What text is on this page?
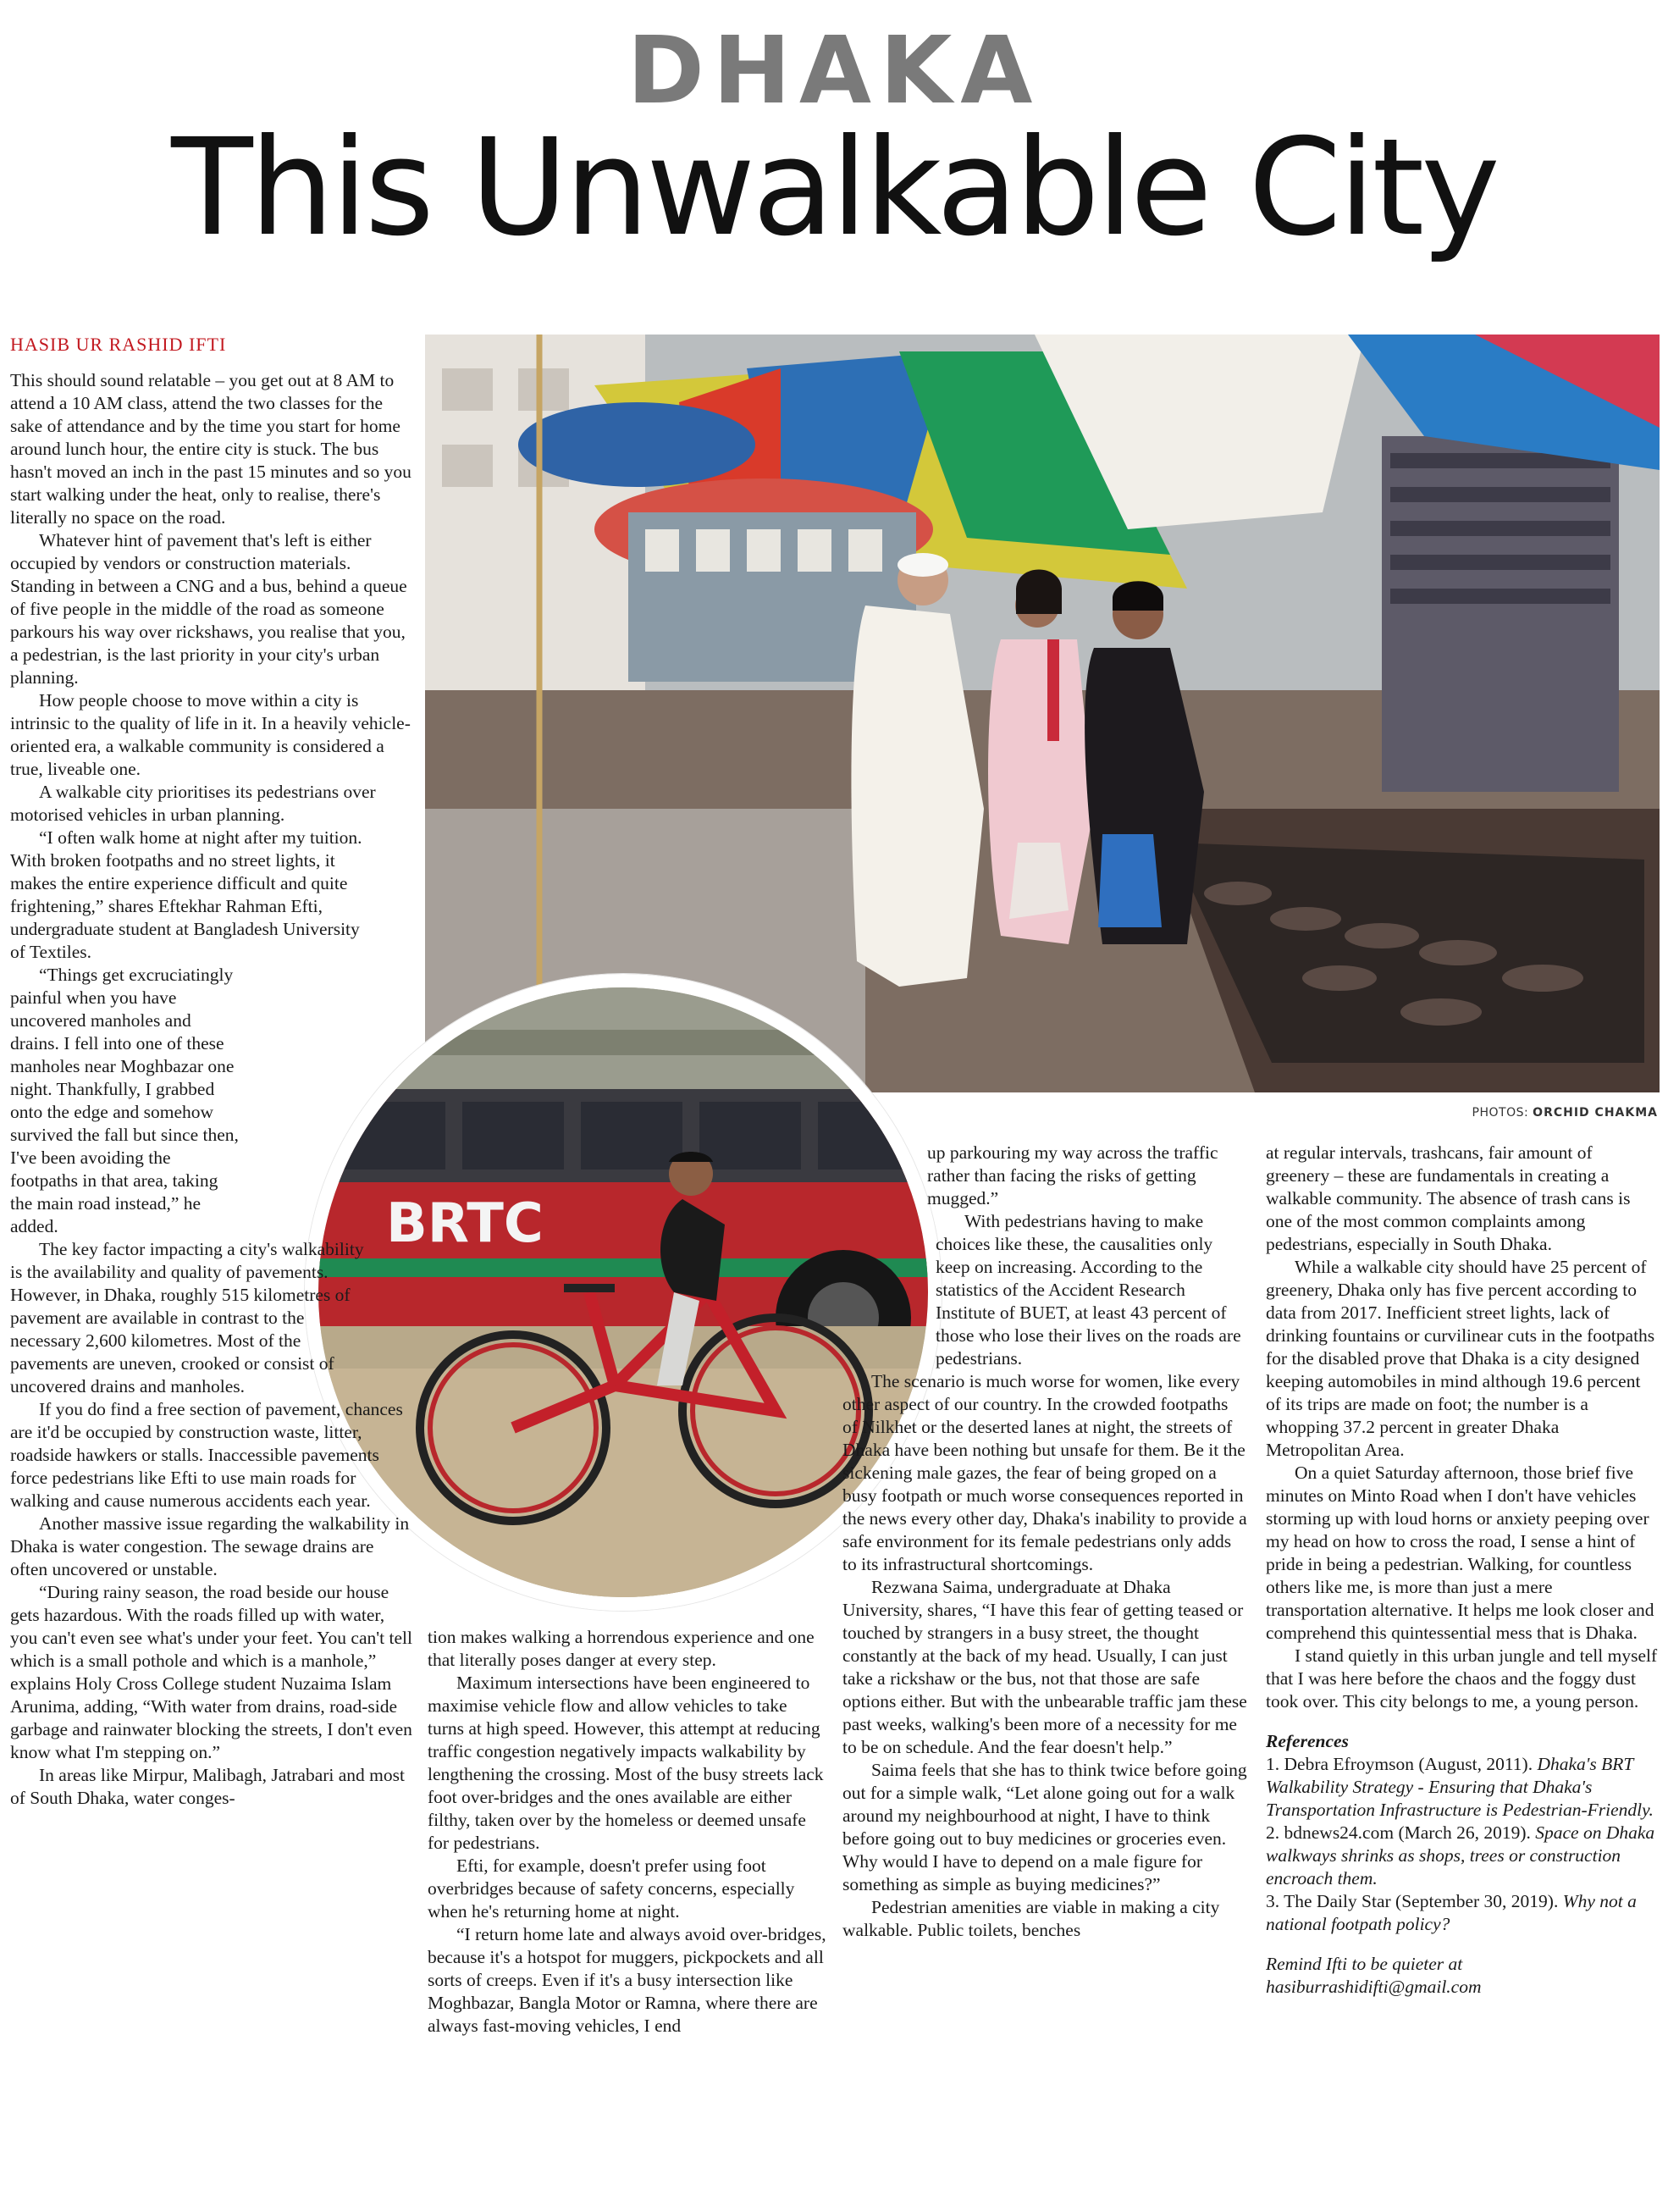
DHAKA
This Unwalkable City
HASIB UR RASHID IFTI
PHOTOS: ORCHID CHAKMA
BRTC

This should sound relatable – you get out at 8 AM to attend a 10 AM class, attend the two classes for the sake of attendance and by the time you start for home around lunch hour, the entire city is stuck. The bus hasn't moved an inch in the past 15 minutes and so you start walking under the heat, only to realise, there's literally no space on the road.

Whatever hint of pavement that's left is either occupied by vendors or construction materials. Standing in between a CNG and a bus, behind a queue of five people in the middle of the road as someone parkours his way over rickshaws, you realise that you, a pedestrian, is the last priority in your city's urban planning.

How people choose to move within a city is intrinsic to the quality of life in it. In a heavily vehicle-oriented era, a walkable community is considered a true, liveable one.

A walkable city prioritises its pedestrians over motorised vehicles in urban planning.

“I often walk home at night after my tuition. With broken footpaths and no street lights, it makes the entire experience difficult and quite frightening,” shares Eftekhar Rahman Efti, undergraduate student at Bangladesh University of Textiles.

“Things get excruciatingly painful when you have uncovered manholes and drains. I fell into one of these manholes near Moghbazar one night. Thankfully, I grabbed onto the edge and somehow survived the fall but since then, I've been avoiding the footpaths in that area, taking the main road instead,” he added.

The key factor impacting a city's walkability is the availability and quality of pavements. However, in Dhaka, roughly 515 kilometres of pavement are available in contrast to the necessary 2,600 kilometres. Most of the pavements are uneven, crooked or consist of uncovered drains and manholes.

If you do find a free section of pavement, chances are it'd be occupied by construction waste, litter, roadside hawkers or stalls. Inaccessible pavements force pedestrians like Efti to use main roads for walking and cause numerous accidents each year.

Another massive issue regarding the walkability in Dhaka is water congestion. The sewage drains are often uncovered or unstable.

“During rainy season, the road beside our house gets hazardous. With the roads filled up with water, you can't even see what's under your feet. You can't tell which is a small pothole and which is a manhole,” explains Holy Cross College student Nuzaima Islam Arunima, adding, “With water from drains, road-side garbage and rainwater blocking the streets, I don't even know what I'm stepping on.”

In areas like Mirpur, Malibagh, Jatrabari and most of South Dhaka, water conges-

tion makes walking a horrendous experience and one that literally poses danger at every step.

Maximum intersections have been engineered to maximise vehicle flow and allow vehicles to take turns at high speed. However, this attempt at reducing traffic congestion negatively impacts walkability by lengthening the crossing. Most of the busy streets lack foot over-bridges and the ones available are either filthy, taken over by the homeless or deemed unsafe for pedestrians.

Efti, for example, doesn't prefer using foot overbridges because of safety concerns, especially when he's returning home at night.

“I return home late and always avoid over-bridges, because it's a hotspot for muggers, pickpockets and all sorts of creeps. Even if it's a busy intersection like Moghbazar, Bangla Motor or Ramna, where there are always fast-moving vehicles, I end

up parkouring my way across the traffic rather than facing the risks of getting mugged.”

With pedestrians having to make choices like these, the causalities only keep on increasing. According to the statistics of the Accident Research Institute of BUET, at least 43 percent of those who lose their lives on the roads are pedestrians.

The scenario is much worse for women, like every other aspect of our country. In the crowded footpaths of Nilkhet or the deserted lanes at night, the streets of Dhaka have been nothing but unsafe for them. Be it the sickening male gazes, the fear of being groped on a busy footpath or much worse consequences reported in the news every other day, Dhaka's inability to provide a safe environment for its female pedestrians only adds to its infrastructural shortcomings.

Rezwana Saima, undergraduate at Dhaka University, shares, “I have this fear of getting teased or touched by strangers in a busy street, the thought constantly at the back of my head. Usually, I can just take a rickshaw or the bus, not that those are safe options either. But with the unbearable traffic jam these past weeks, walking's been more of a necessity for me to be on schedule. And the fear doesn't help.”

Saima feels that she has to think twice before going out for a simple walk, “Let alone going out for a walk around my neighbourhood at night, I have to think before going out to buy medicines or groceries even. Why would I have to depend on a male figure for something as simple as buying medicines?”

Pedestrian amenities are viable in making a city walkable. Public toilets, benches

at regular intervals, trashcans, fair amount of greenery – these are fundamentals in creating a walkable community. The absence of trash cans is one of the most common complaints among pedestrians, especially in South Dhaka.

While a walkable city should have 25 percent of greenery, Dhaka only has five percent according to data from 2017. Inefficient street lights, lack of drinking fountains or curvilinear cuts in the footpaths for the disabled prove that Dhaka is a city designed keeping automobiles in mind although 19.6 percent of its trips are made on foot; the number is a whopping 37.2 percent in greater Dhaka Metropolitan Area.

On a quiet Saturday afternoon, those brief five minutes on Minto Road when I don't have vehicles storming up with loud horns or anxiety peeping over my head on how to cross the road, I sense a hint of pride in being a pedestrian. Walking, for countless others like me, is more than just a mere transportation alternative. It helps me look closer and comprehend this quintessential mess that is Dhaka.

I stand quietly in this urban jungle and tell myself that I was here before the chaos and the foggy dust took over. This city belongs to me, a young person.

References
1. Debra Efroymson (August, 2011). Dhaka's BRT Walkability Strategy - Ensuring that Dhaka's Transportation Infrastructure is Pedestrian-Friendly.
2. bdnews24.com (March 26, 2019). Space on Dhaka walkways shrinks as shops, trees or construction encroach them.
3. The Daily Star (September 30, 2019). Why not a national footpath policy?
Remind Ifti to be quieter at hasiburrashidifti@gmail.com
